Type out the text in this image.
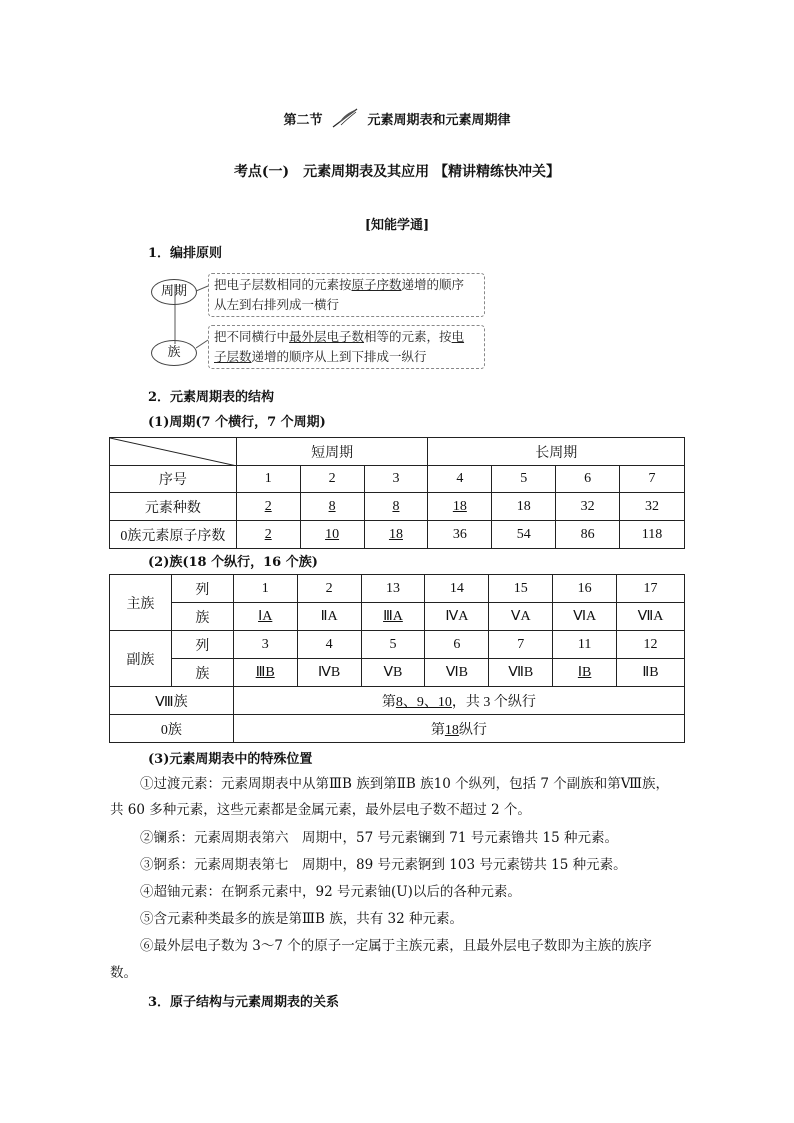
第二节	元素周期表和元素周期律
考点(一)　元素周期表及其应用 【精讲精练快冲关】
[知能学通]
1．编排原则
周期
族
把电子层数相同的元素按原子序数递增的顺序
从左到右排列成一横行
把不同横行中最外层电子数相等的元素，按电
子层数递增的顺序从上到下排成一纵行
2．元素周期表的结构
(1)周期(7 个横行，7 个周期)
	短周期			长周期			
序号	1	2	3	4	5	6	7
元素种数	2	8	8	18	18	32	32
0族元素原子序数	2	10	18	36	54	86	118
(2)族(18 个纵行，16 个族)
主族	列	1	2	13	14	15	16	17
	族	ⅠA	ⅡA	ⅢA	ⅣA	ⅤA	ⅥA	ⅦA
副族	列	3	4	5	6	7	11	12
	族	ⅢB	ⅣB	ⅤB	ⅥB	ⅦB	ⅠB	ⅡB
Ⅷ族		第8、9、10，共 3 个纵行						
0族		第18纵行						
(3)元素周期表中的特殊位置
①过渡元素：元素周期表中从第ⅢB 族到第ⅡB 族10 个纵列，包括 7 个副族和第Ⅷ族，
共 60 多种元素，这些元素都是金属元素，最外层电子数不超过 2 个。
②镧系：元素周期表第六　周期中，57 号元素镧到 71 号元素镥共 15 种元素。
③锕系：元素周期表第七　周期中，89 号元素锕到 103 号元素铹共 15 种元素。
④超铀元素：在锕系元素中，92 号元素铀(U)以后的各种元素。
⑤含元素种类最多的族是第ⅢB 族，共有 32 种元素。
⑥最外层电子数为 3～7 个的原子一定属于主族元素，且最外层电子数即为主族的族序
数。
3．原子结构与元素周期表的关系
